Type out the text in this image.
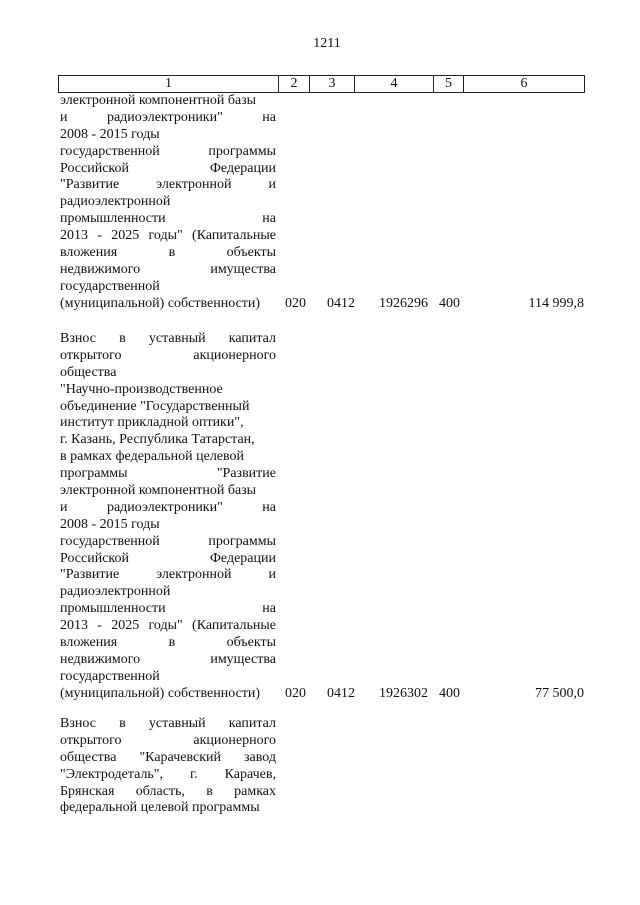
1211
1	2	3	4	5	6
электронной компонентной базы
и радиоэлектроники" на
2008 - 2015 годы
государственной программы
Российской Федерации
"Развитие электронной и
радиоэлектронной
промышленности на
2013 - 2025 годы" (Капитальные
вложения в объекты
недвижимого имущества
государственной
(муниципальной) собственности)	020 0412 1926296 400	114 999,8
Взнос в уставный капитал
открытого акционерного
общества
"Научно-производственное
объединение "Государственный
институт прикладной оптики",
г. Казань, Республика Татарстан,
в рамках федеральной целевой
программы "Развитие
электронной компонентной базы
и радиоэлектроники" на
2008 - 2015 годы
государственной программы
Российской Федерации
"Развитие электронной и
радиоэлектронной
промышленности на
2013 - 2025 годы" (Капитальные
вложения в объекты
недвижимого имущества
государственной
(муниципальной) собственности)	020 0412 1926302 400	77 500,0
Взнос в уставный капитал
открытого акционерного
общества "Карачевский завод
"Электродеталь", г. Карачев,
Брянская область, в рамках
федеральной целевой программы
